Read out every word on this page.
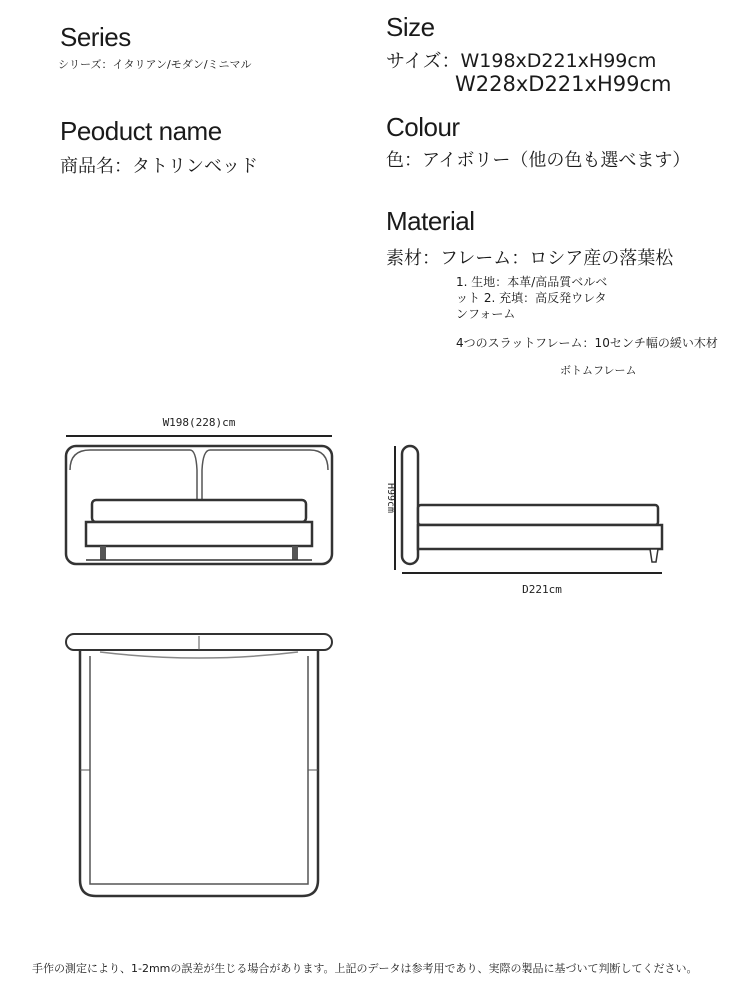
Series
シリーズ：イタリアン/モダン/ミニマル
Peoduct name
商品名：タトリンベッド
Size
サイズ：W198xD221xH99cm
W228xD221xH99cm
Colour
色：アイボリー（他の色も選べます）
Material
素材：フレーム：ロシア産の落葉松
1. 生地：本革/高品質ベルベ
ット 2. 充填：高反発ウレタ
ンフォーム
4つのスラットフレーム：10センチ幅の緩い木材
ボトムフレーム
W198(228)cm
H99cm
D221cm
手作の測定により、1-2mmの誤差が生じる場合があります。上記のデータは参考用であり、実際の製品に基づいて判断してください。
